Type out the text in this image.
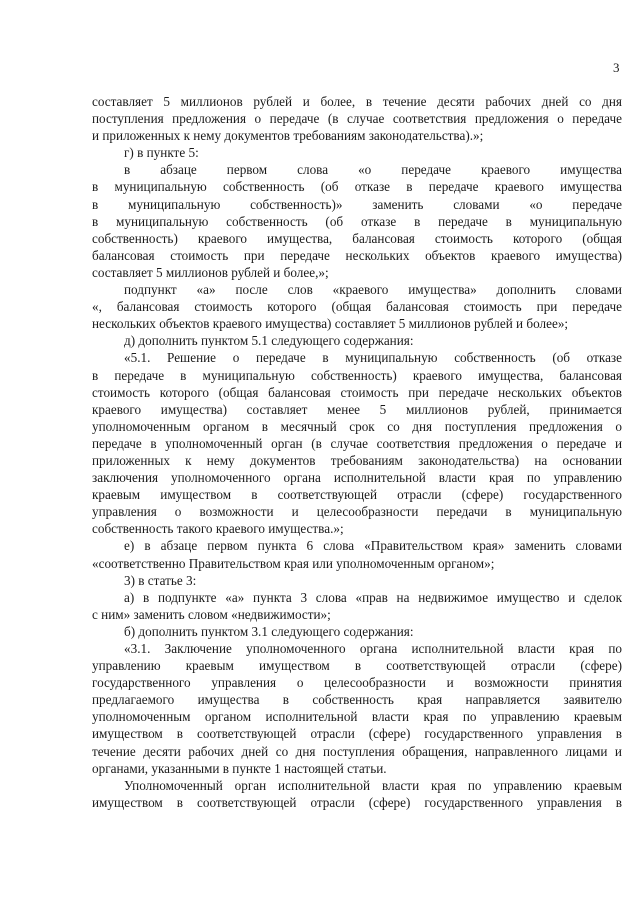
3

составляет 5 миллионов рублей и более, в течение десяти рабочих дней со дня

поступления предложения о передаче (в случае соответствия предложения о передаче

и приложенных к нему документов требованиям законодательства).»;

г) в пункте 5:

в абзаце первом слова «о передаче краевого имущества

в муниципальную собственность (об отказе в передаче краевого имущества

в муниципальную собственность)» заменить словами «о передаче

в муниципальную собственность (об отказе в передаче в муниципальную

собственность) краевого имущества, балансовая стоимость которого (общая

балансовая стоимость при передаче нескольких объектов краевого имущества)

составляет 5 миллионов рублей и более,»;

подпункт «а» после слов «краевого имущества» дополнить словами

«, балансовая стоимость которого (общая балансовая стоимость при передаче

нескольких объектов краевого имущества) составляет 5 миллионов рублей и более»;

д) дополнить пунктом 5.1 следующего содержания:

«5.1. Решение о передаче в муниципальную собственность (об отказе

в передаче в муниципальную собственность) краевого имущества, балансовая

стоимость которого (общая балансовая стоимость при передаче нескольких объектов

краевого имущества) составляет менее 5 миллионов рублей, принимается

уполномоченным органом в месячный срок со дня поступления предложения о

передаче в уполномоченный орган (в случае соответствия предложения о передаче и

приложенных к нему документов требованиям законодательства) на основании

заключения уполномоченного органа исполнительной власти края по управлению

краевым имуществом в соответствующей отрасли (сфере) государственного

управления о возможности и целесообразности передачи в муниципальную

собственность такого краевого имущества.»;

е) в абзаце первом пункта 6 слова «Правительством края» заменить словами

«соответственно Правительством края или уполномоченным органом»;

3) в статье 3:

а) в подпункте «а» пункта 3 слова «прав на недвижимое имущество и сделок

с ним» заменить словом «недвижимости»;

б) дополнить пунктом 3.1 следующего содержания:

«3.1. Заключение уполномоченного органа исполнительной власти края по

управлению краевым имуществом в соответствующей отрасли (сфере)

государственного управления о целесообразности и возможности принятия

предлагаемого имущества в собственность края направляется заявителю

уполномоченным органом исполнительной власти края по управлению краевым

имуществом в соответствующей отрасли (сфере) государственного управления в

течение десяти рабочих дней со дня поступления обращения, направленного лицами и

органами, указанными в пункте 1 настоящей статьи.

Уполномоченный орган исполнительной власти края по управлению краевым

имуществом в соответствующей отрасли (сфере) государственного управления в
